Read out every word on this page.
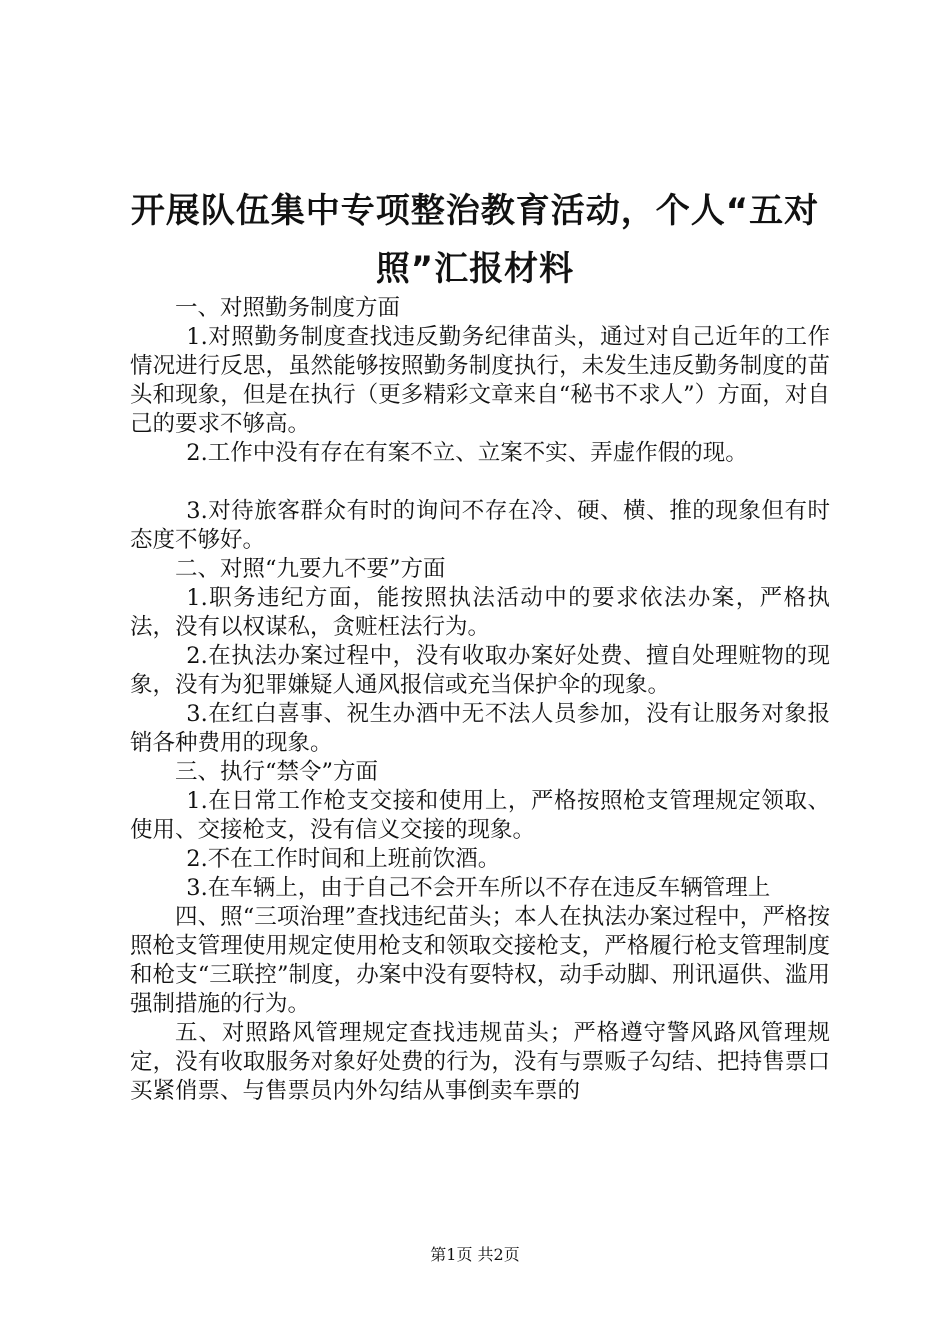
开展队伍集中专项整治教育活动，个人“五对照”汇报材料

一、对照勤务制度方面

1.对照勤务制度查找违反勤务纪律苗头，通过对自己近年的工作情况进行反思，虽然能够按照勤务制度执行，未发生违反勤务制度的苗头和现象，但是在执行（更多精彩文章来自“秘书不求人”）方面，对自己的要求不够高。

2.工作中没有存在有案不立、立案不实、弄虚作假的现。

3.对待旅客群众有时的询问不存在冷、硬、横、推的现象但有时态度不够好。

二、对照“九要九不要”方面

1.职务违纪方面，能按照执法活动中的要求依法办案，严格执法，没有以权谋私，贪赃枉法行为。

2.在执法办案过程中，没有收取办案好处费、擅自处理赃物的现象，没有为犯罪嫌疑人通风报信或充当保护伞的现象。

3.在红白喜事、祝生办酒中无不法人员参加，没有让服务对象报销各种费用的现象。

三、执行“禁令”方面

1.在日常工作枪支交接和使用上，严格按照枪支管理规定领取、使用、交接枪支，没有信义交接的现象。

2.不在工作时间和上班前饮酒。

3.在车辆上，由于自己不会开车所以不存在违反车辆管理上

四、照“三项治理”查找违纪苗头；本人在执法办案过程中，严格按照枪支管理使用规定使用枪支和领取交接枪支，严格履行枪支管理制度和枪支“三联控”制度，办案中没有耍特权，动手动脚、刑讯逼供、滥用强制措施的行为。

五、对照路风管理规定查找违规苗头；严格遵守警风路风管理规定，没有收取服务对象好处费的行为，没有与票贩子勾结、把持售票口买紧俏票、与售票员内外勾结从事倒卖车票的

第1页 共2页
